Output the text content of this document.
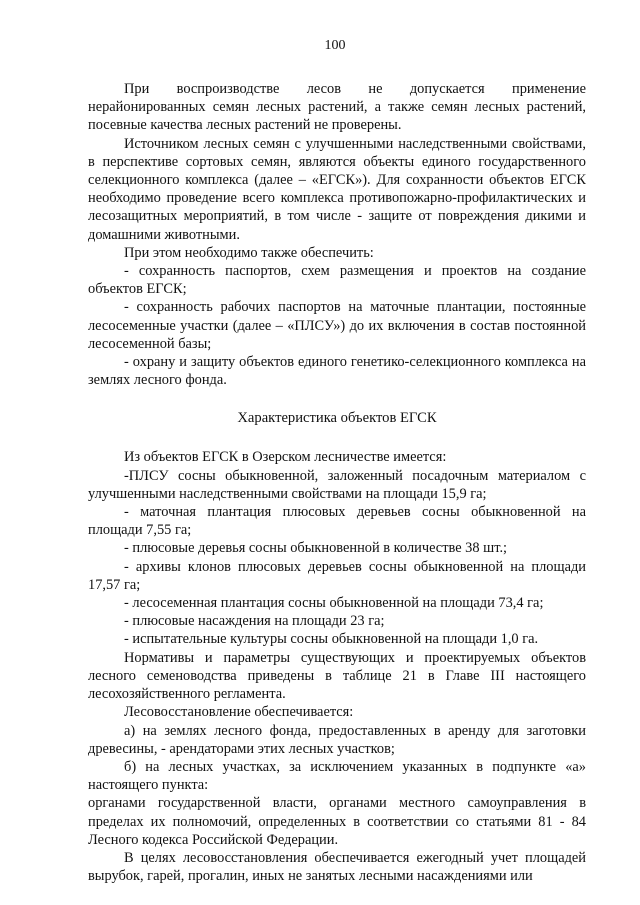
100

При воспроизводстве лесов не допускается применение нерайонированных семян лесных растений, а также семян лесных растений, посевные качества лесных растений не проверены.

Источником лесных семян с улучшенными наследственными свойствами, в перспективе сортовых семян, являются объекты единого государственного селекционного комплекса (далее – «ЕГСК»). Для сохранности объектов ЕГСК необходимо проведение всего комплекса противопожарно-профилактических и лесозащитных мероприятий, в том числе - защите от повреждения дикими и домашними животными.

При этом необходимо также обеспечить:

- сохранность паспортов, схем размещения и проектов на создание объектов ЕГСК;

- сохранность рабочих паспортов на маточные плантации, постоянные лесосеменные участки (далее – «ПЛСУ») до их включения в состав постоянной лесосеменной базы;

- охрану и защиту объектов единого генетико-селекционного комплекса на землях лесного фонда.

Характеристика объектов ЕГСК

Из объектов ЕГСК в Озерском лесничестве имеется:

-ПЛСУ сосны обыкновенной, заложенный посадочным материалом с улучшенными наследственными свойствами на площади 15,9 га;

- маточная плантация плюсовых деревьев сосны обыкновенной на площади 7,55 га;

- плюсовые деревья сосны обыкновенной в количестве 38 шт.;

- архивы клонов плюсовых деревьев сосны обыкновенной на площади 17,57 га;

- лесосеменная плантация сосны обыкновенной на площади 73,4 га;

- плюсовые насаждения на площади 23 га;

- испытательные культуры сосны обыкновенной на площади 1,0 га.

Нормативы и параметры существующих и проектируемых объектов лесного семеноводства приведены в таблице 21 в Главе III настоящего лесохозяйственного регламента.

Лесовосстановление обеспечивается:

а) на землях лесного фонда, предоставленных в аренду для заготовки древесины, - арендаторами этих лесных участков;

б) на лесных участках, за исключением указанных в подпункте «а» настоящего пункта:

органами государственной власти, органами местного самоуправления в пределах их полномочий, определенных в соответствии со статьями 81 - 84 Лесного кодекса Российской Федерации.

В целях лесовосстановления обеспечивается ежегодный учет площадей вырубок, гарей, прогалин, иных не занятых лесными насаждениями или
